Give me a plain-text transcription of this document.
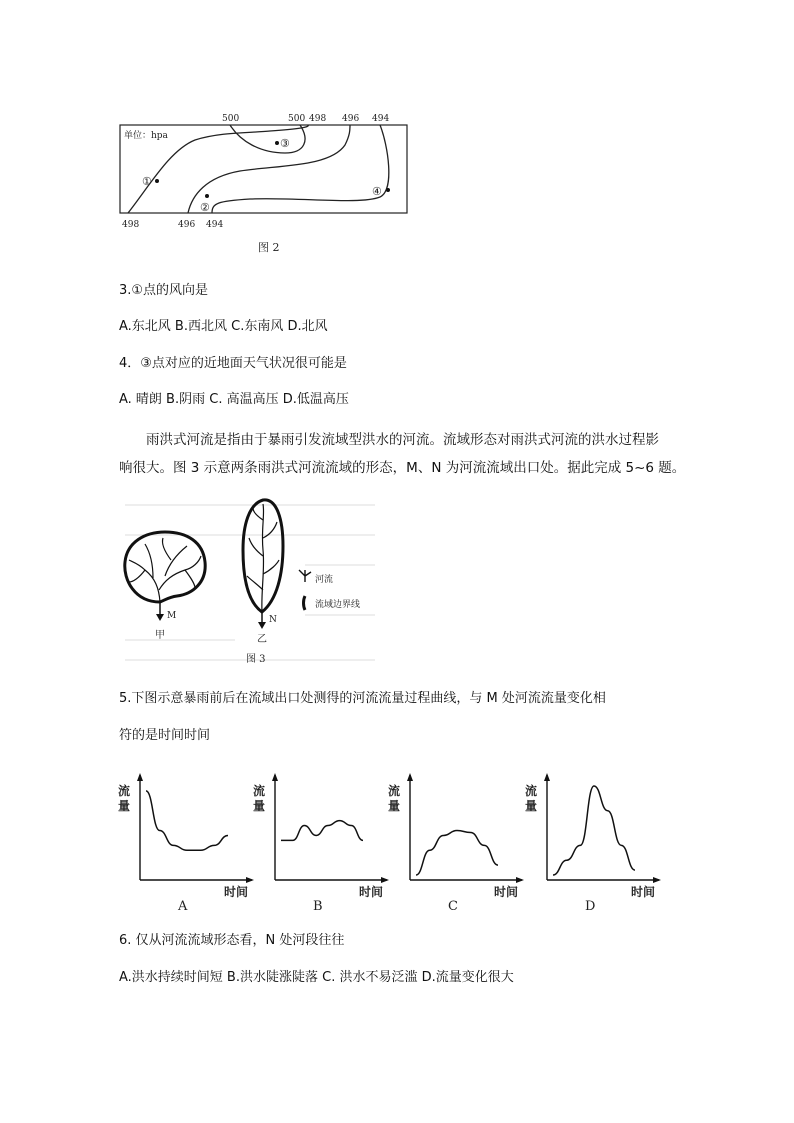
单位：hpa
500	500 498 496 494
498	496 494
①
②
③
④
图 2
3.①点的风向是
A.东北风 B.西北风 C.东南风 D.北风
4．③点对应的近地面天气状况很可能是
A. 晴朗 B.阴雨 C. 高温高压 D.低温高压
雨洪式河流是指由于暴雨引发流域型洪水的河流。流域形态对雨洪式河流的洪水过程影
响很大。图 3 示意两条雨洪式河流流域的形态，M、N 为河流流域出口处。据此完成 5~6 题。
M
甲
N
乙
河流
流域边界线
图 3
5.下图示意暴雨前后在流域出口处测得的河流流量过程曲线，与 M 处河流流量变化相
符的是时间时间
流
量
时间
A
流
量
时间
B
流
量
时间
C
流
量
时间
D
6. 仅从河流流域形态看，N 处河段往往
A.洪水持续时间短 B.洪水陡涨陡落 C. 洪水不易泛滥 D.流量变化很大
